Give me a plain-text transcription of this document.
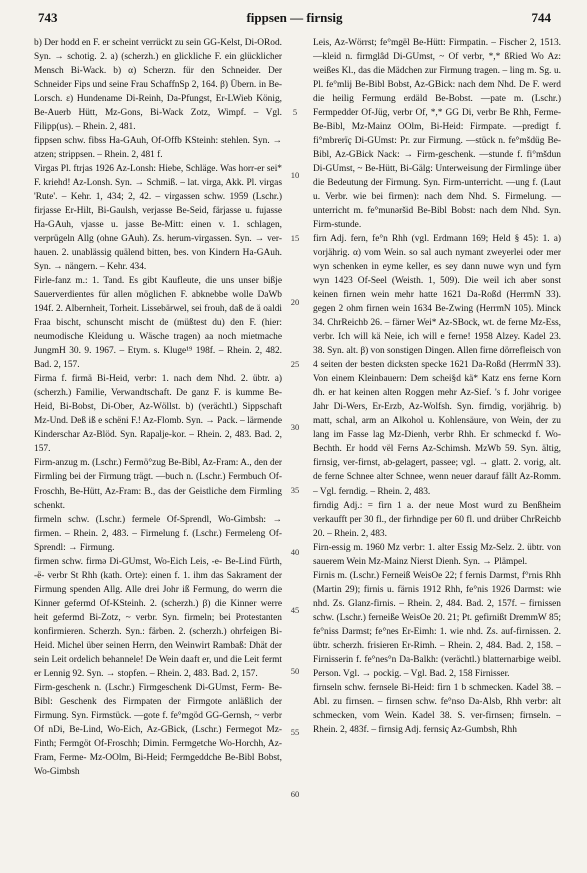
743	fippsen — firnsig	744

b) Der hodd en F. er scheint verrückt zu sein GG-Kelst, Di-ORod. Syn. → schotig. 2. a) (scherzh.) en glickliche F. ein glücklicher Mensch Bi-Wack. b) α) Scherzn. für den Schneider. Der Schneider Fips und seine Frau SchaffnSp 2, 164. β) Übern. in Be-Lorsch. ε) Hundename Di-Reinh, Da-Pfungst, Er-LWieb König, Be-Auerb Hütt, Mz-Gons, Bi-Wack Zotz, Wimpf. – Vgl. Filipp(us). – Rhein. 2, 481.

fippsen schw. fibss Ha-GAuh, Of-Offb KSteinh: stehlen. Syn. → atzen; strippsen. – Rhein. 2, 481 f.

Virgas Pl. ftrjas 1926 Az-Lonsh: Hiebe, Schläge. Was horr-er sei* F. kriehd! Az-Lonsh. Syn. → Schmiß. – lat. virga, Akk. Pl. virgas 'Rute'. – Kehr. 1, 434; 2, 42. – virgassen schw. 1959 (Lschr.) firjasse Er-Hilt, Bi-Gaulsh, verjasse Be-Seid, färjasse u. fujasse Ha-GAuh, vjasse u. jasse Be-Mitt: einen v. 1. schlagen, verprügeln Allg (ohne GAuh). Zs. herum-virgassen. Syn. → ver-hauen. 2. unablässig quälend bitten, bes. von Kindern Ha-GAuh. Syn. → nängern. – Kehr. 434.

Firle-fanz m.: 1. Tand. Es gibt Kaufleute, die uns unser bißje Sauerverdientes für allen möglichen F. abknebbe wolle DaWb 194f. 2. Albernheit, Torheit. Lissebärwel, sei frouh, daß de ä oaldi Fraa bischt, schunscht mischt de (müßtest du) den F. (hier: neumodische Kleidung u. Wäsche tragen) aa noch mietmache JungmH 30. 9. 1967. – Etym. s. Kluge¹⁹ 198f. – Rhein. 2, 482. Bad. 2, 157.

Firma f. firmä Bi-Heid, verbr: 1. nach dem Nhd. 2. übtr. a) (scherzh.) Familie, Verwandtschaft. De ganz F. is kumme Be-Heid, Bi-Bobst, Di-Ober, Az-Wöllst. b) (verächtl.) Sippschaft Mz-Und. Deß iß e schëni F.! Az-Flomb. Syn. → Pack. – lärmende Kinderschar Az-Blöd. Syn. Rapalje-kor. – Rhein. 2, 483. Bad. 2, 157.

Firm-anzug m. (Lschr.) Fermö°zug Be-Bibl, Az-Fram: A., den der Firmling bei der Firmung trägt. —buch n. (Lschr.) Fermbuch Of-Froschh, Be-Hütt, Az-Fram: B., das der Geistliche dem Firmling schenkt.

firmeln schw. (Lschr.) fermele Of-Sprendl, Wo-Gimbsh: → firmen. – Rhein. 2, 483. – Firmelung f. (Lschr.) Fermeleng Of-Sprendl: → Firmung.

firmen schw. firmə Di-GUmst, Wo-Eich Leis, -e- Be-Lind Fürth, -ë- verbr St Rhh (kath. Orte): einen f. 1. ihm das Sakrament der Firmung spenden Allg. Alle drei Johr iß Fermung, do werrn die Kinner gefermd Of-KSteinh. 2. (scherzh.) β) die Kinner werre heit gefermd Bi-Zotz, ~ verbr. Syn. firmeln; bei Protestanten konfirmieren. Scherzh. Syn.: färben. 2. (scherzh.) ohrfeigen Bi-Heid. Michel über seinen Herrn, den Weinwirt Rambaß: Dhät der sein Leit ordelich behannele! De Wein daaft er, und die Leit fermt er Lennig 92. Syn. → stopfen. – Rhein. 2, 483. Bad. 2, 157.

Firm-geschenk n. (Lschr.) Firmgeschenk Di-GUmst, Ferm- Be-Bibl: Geschenk des Firmpaten der Firmgote anläßlich der Firmung. Syn. Firmstück. —gote f. fe°mgöd GG-Gernsh, ~ verbr Of nDi, Be-Lind, Wo-Eich, Az-GBick, (Lschr.) Fermegot Mz-Finth; Fermgöt Of-Froschh; Dimin. Fermgetche Wo-Horchh, Az-Fram, Ferme- Mz-OOlm, Bi-Heid; Fermgeddche Be-Bibl Bobst, Wo-Gimbsh

Leis, Az-Wörrst; fe°mgël Be-Hütt: Firmpatin. – Fischer 2, 1513. —kleid n. firmglâd Di-GUmst, ~ Of verbr, *,* ßRied Wo Az: weißes Kl., das die Mädchen zur Firmung tragen. – ling m. Sg. u. Pl. fe°mlij Be-Bibl Bobst, Az-GBick: nach dem Nhd. De F. werd die heilig Fermung erdäld Be-Bobst. —pate m. (Lschr.) Fermpedder Of-Jüg, verbr Of, *,* GG Di, verbr Be Rhh, Ferme- Be-Bibl, Mz-Mainz OOlm, Bi-Heid: Firmpate. —predigt f. fi°mbrerïç Di-GUmst: Pr. zur Firmung. —stück n. fe°mšdüg Be-Bibl, Az-GBick Nack: → Firm-geschenk. —stunde f. fi°mšdun Di-GUmst, ~ Be-Hütt, Bi-Gälg: Unterweisung der Firmlinge über die Bedeutung der Firmung. Syn. Firm-unterricht. —ung f. (Laut u. Verbr. wie bei firmen): nach dem Nhd. S. Firmelung. —unterricht m. fe°munəršid Be-Bibl Bobst: nach dem Nhd. Syn. Firm-stunde.

firn Adj. fern, fe°n Rhh (vgl. Erdmann 169; Held § 45): 1. a) vorjährig. α) vom Wein. so sal auch nymant zweyerlei oder mer wyn schenken in eyme keller, es sey dann nuwe wyn und fyrn wyn 1423 Of-Seel (Weisth. 1, 509). Die weil ich aber sonst keinen firnen wein mehr hatte 1621 Da-Roßd (HerrmN 33). gegen 2 ohm firnen wein 1634 Be-Zwing (HerrmN 105). Minck 34. ChrReichb 26. – färner Wei* Az-SBock, wt. de ferne Mz-Ess, verbr. Ich will kä Neie, ich will e ferne! 1958 Alzey. Kadel 23. 38. Syn. alt. β) von sonstigen Dingen. Allen firne dörrefleisch von 4 seiten der besten dicksten specke 1621 Da-Roßd (HerrmN 33). Von einem Kleinbauern: Dem schei§d kä* Katz ens ferne Korn dh. er hat keinen alten Roggen mehr Az-Sief. 's f. Johr vorigee Jahr Di-Wers, Er-Erzb, Az-Wolfsh. Syn. firndig, vorjährig. b) matt, schal, arm an Alkohol u. Kohlensäure, von Wein, der zu lang im Fasse lag Mz-Dienh, verbr Rhh. Er schmeckd f. Wo-Bechth. Er hodd vël Ferns Az-Schimsh. MzWb 59. Syn. ältig, firnsig, ver-firnst, ab-gelagert, passee; vgl. → glatt. 2. vorig, alt. de ferne Schnee alter Schnee, wenn neuer darauf fällt Az-Romm. – Vgl. ferndig. – Rhein. 2, 483.

firndig Adj.: = firn 1 a. der neue Most wurd zu Benßheim verkaufft per 30 fl., der firhndige per 60 fl. und drüber ChrReichb 20. – Rhein. 2, 483.

Firn-essig m. 1960 Mz verbr: 1. alter Essig Mz-Selz. 2. übtr. von sauerem Wein Mz-Mainz Nierst Dienh. Syn. → Plämpel.

Firnis m. (Lschr.) Ferneiß WeisOe 22; f fernis Darmst, f°rnis Rhh (Martin 29); firnis u. färnis 1912 Rhh, fe°nis 1926 Darmst: wie nhd. Zs. Glanz-firnis. – Rhein. 2, 484. Bad. 2, 157f. – firnissen schw. (Lschr.) ferneiße WeisOe 20. 21; Pt. gefirnißt DremmW 85; fe°niss Darmst; fe°nes Er-Eimh: 1. wie nhd. Zs. auf-firnissen. 2. übtr. scherzh. frisieren Er-Rimh. – Rhein. 2, 484. Bad. 2, 158. – Firnisserin f. fe°nes°n Da-Balkh: (verächtl.) blatternarbige weibl. Person. Vgl. → pockig. – Vgl. Bad. 2, 158 Firnisser.

firnseln schw. fernsele Bi-Heid: firn 1 b schmecken. Kadel 38. – Abl. zu firnsen. – firnsen schw. fe°nso Da-Alsb, Rhh verbr: alt schmecken, vom Wein. Kadel 38. S. ver-firnsen; firnseln. – Rhein. 2, 483f. – firnsig Adj. fernsiç Az-Gumbsh, Rhh

5
10
15
20
25
30
35
40
45
50
55
60
